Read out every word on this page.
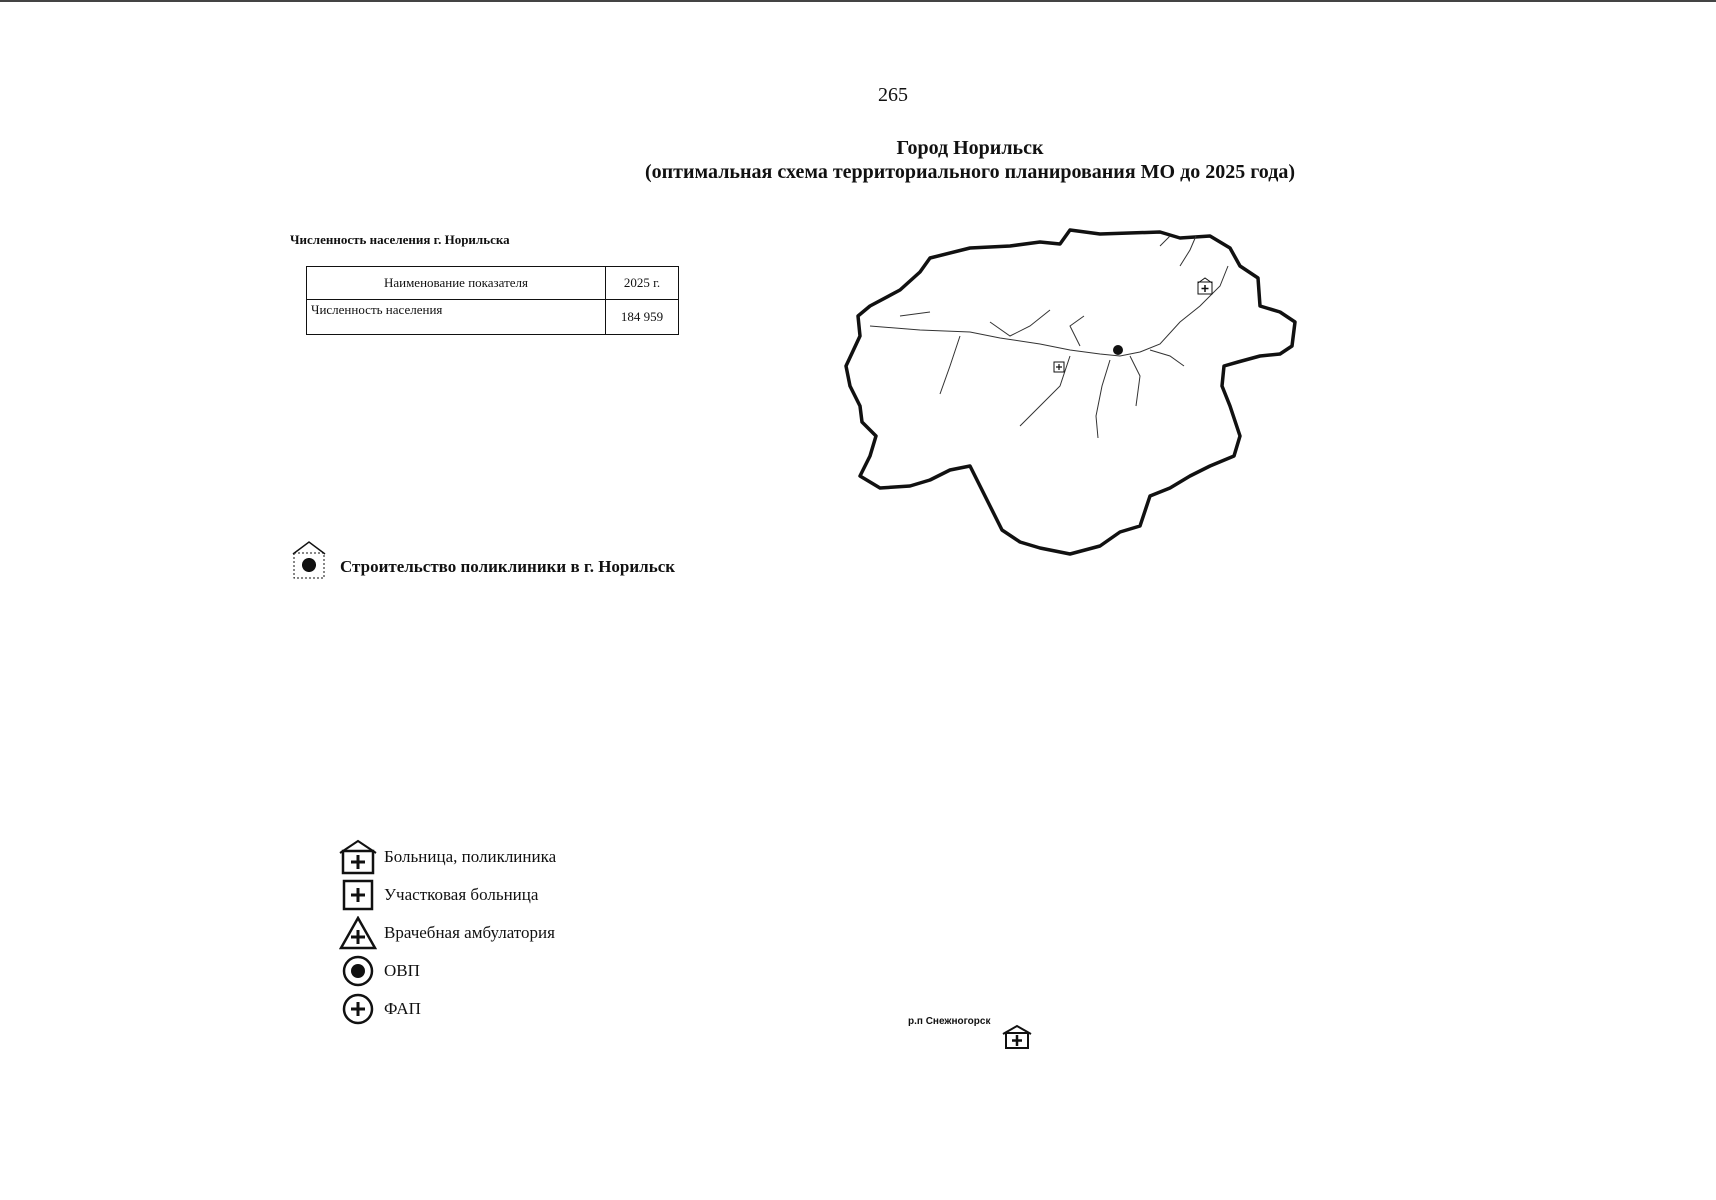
265
Город Норильск
(оптимальная схема территориального планирования МО до 2025 года)
Численность населения г. Норильска
Наименование показателя	2025 г.
Численность населения	184 959
Строительство поликлиники в г. Норильск
р.п Снежногорск
Больница, поликлиника
Участковая больница
Врачебная амбулатория
ОВП
ФАП
